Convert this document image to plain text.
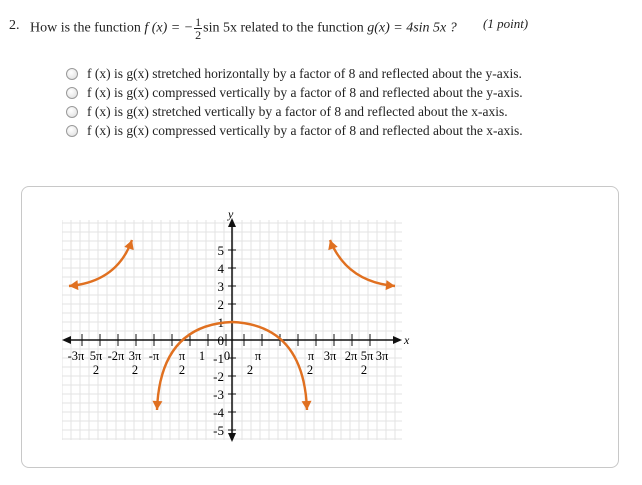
2. How is the function f (x) = − $\frac{1}{2}$ sin 5x related to the function g(x) = 4sin 5x ? (1 point)
f (x) is g(x) stretched horizontally by a factor of 8 and reflected about the y-axis.
f (x) is g(x) compressed vertically by a factor of 8 and reflected about the y-axis.
f (x) is g(x) stretched vertically by a factor of 8 and reflected about the x-axis.
f (x) is g(x) compressed vertically by a factor of 8 and reflected about the x-axis.
x
y
5
4
3
2
1
0
-1
-2
-3
-4
-5
-3π 5π -2π 3π -π π 1 0 π	π 3π 2π 5π 3π
2	2	2	2	2	2
